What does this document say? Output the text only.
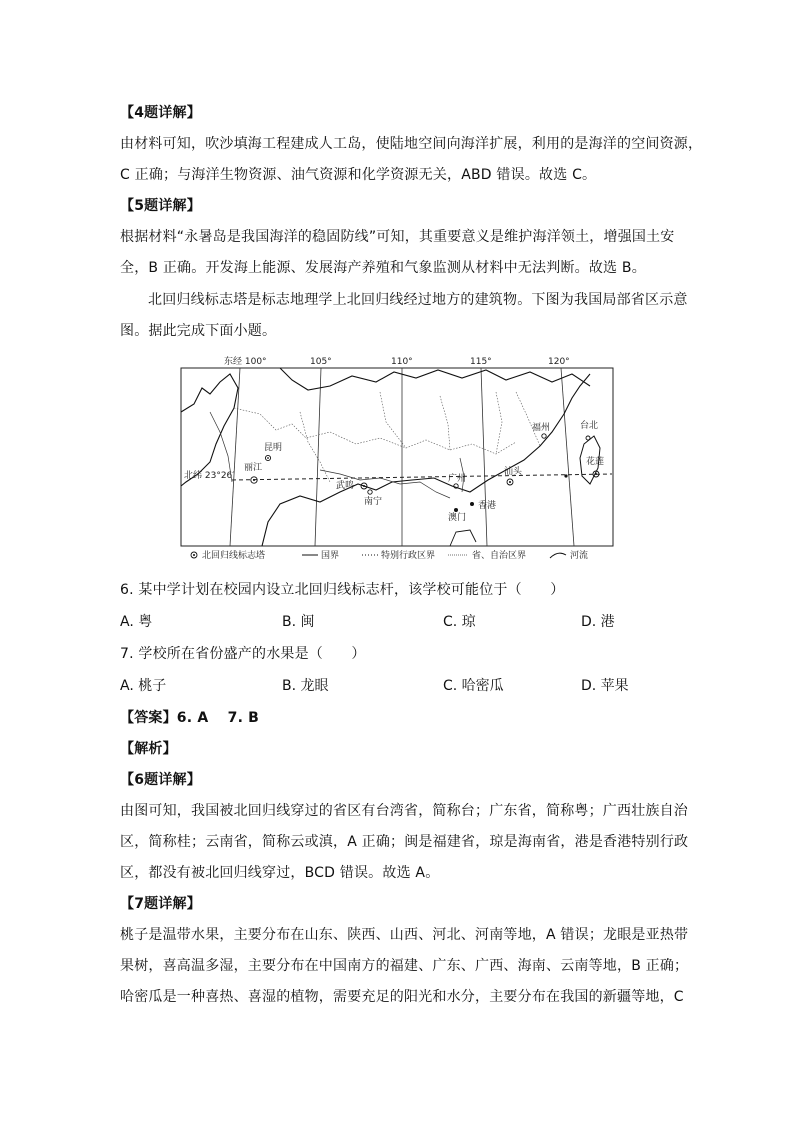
【4题详解】
由材料可知，吹沙填海工程建成人工岛，使陆地空间向海洋扩展，利用的是海洋的空间资源，
C 正确；与海洋生物资源、油气资源和化学资源无关，ABD 错误。故选 C。
【5题详解】
根据材料“永暑岛是我国海洋的稳固防线”可知，其重要意义是维护海洋领土，增强国土安
全，B 正确。开发海上能源、发展海产养殖和气象监测从材料中无法判断。故选 B。
北回归线标志塔是标志地理学上北回归线经过地方的建筑物。下图为我国局部省区示意
图。据此完成下面小题。
东经 100°	105°	110°	115°	120°
北纬 23°26′
昆明
丽江
武鸣
南宁
广州
香港
澳门
汕头
福州	台北
花莲
北回归线标志塔	国界	特别行政区界	省、自治区界	河流
6. 某中学计划在校园内设立北回归线标志杆，该学校可能位于（　　）
A. 粤	B. 闽	C. 琼	D. 港
7. 学校所在省份盛产的水果是（　　）
A. 桃子	B. 龙眼	C. 哈密瓜	D. 苹果
【答案】6. A　 7. B
【解析】
【6题详解】
由图可知，我国被北回归线穿过的省区有台湾省，简称台；广东省，简称粤；广西壮族自治
区，简称桂；云南省，简称云或滇，A 正确；闽是福建省，琼是海南省，港是香港特别行政
区，都没有被北回归线穿过，BCD 错误。故选 A。
【7题详解】
桃子是温带水果，主要分布在山东、陕西、山西、河北、河南等地，A 错误；龙眼是亚热带
果树，喜高温多湿，主要分布在中国南方的福建、广东、广西、海南、云南等地，B 正确；
哈密瓜是一种喜热、喜湿的植物，需要充足的阳光和水分，主要分布在我国的新疆等地，C
